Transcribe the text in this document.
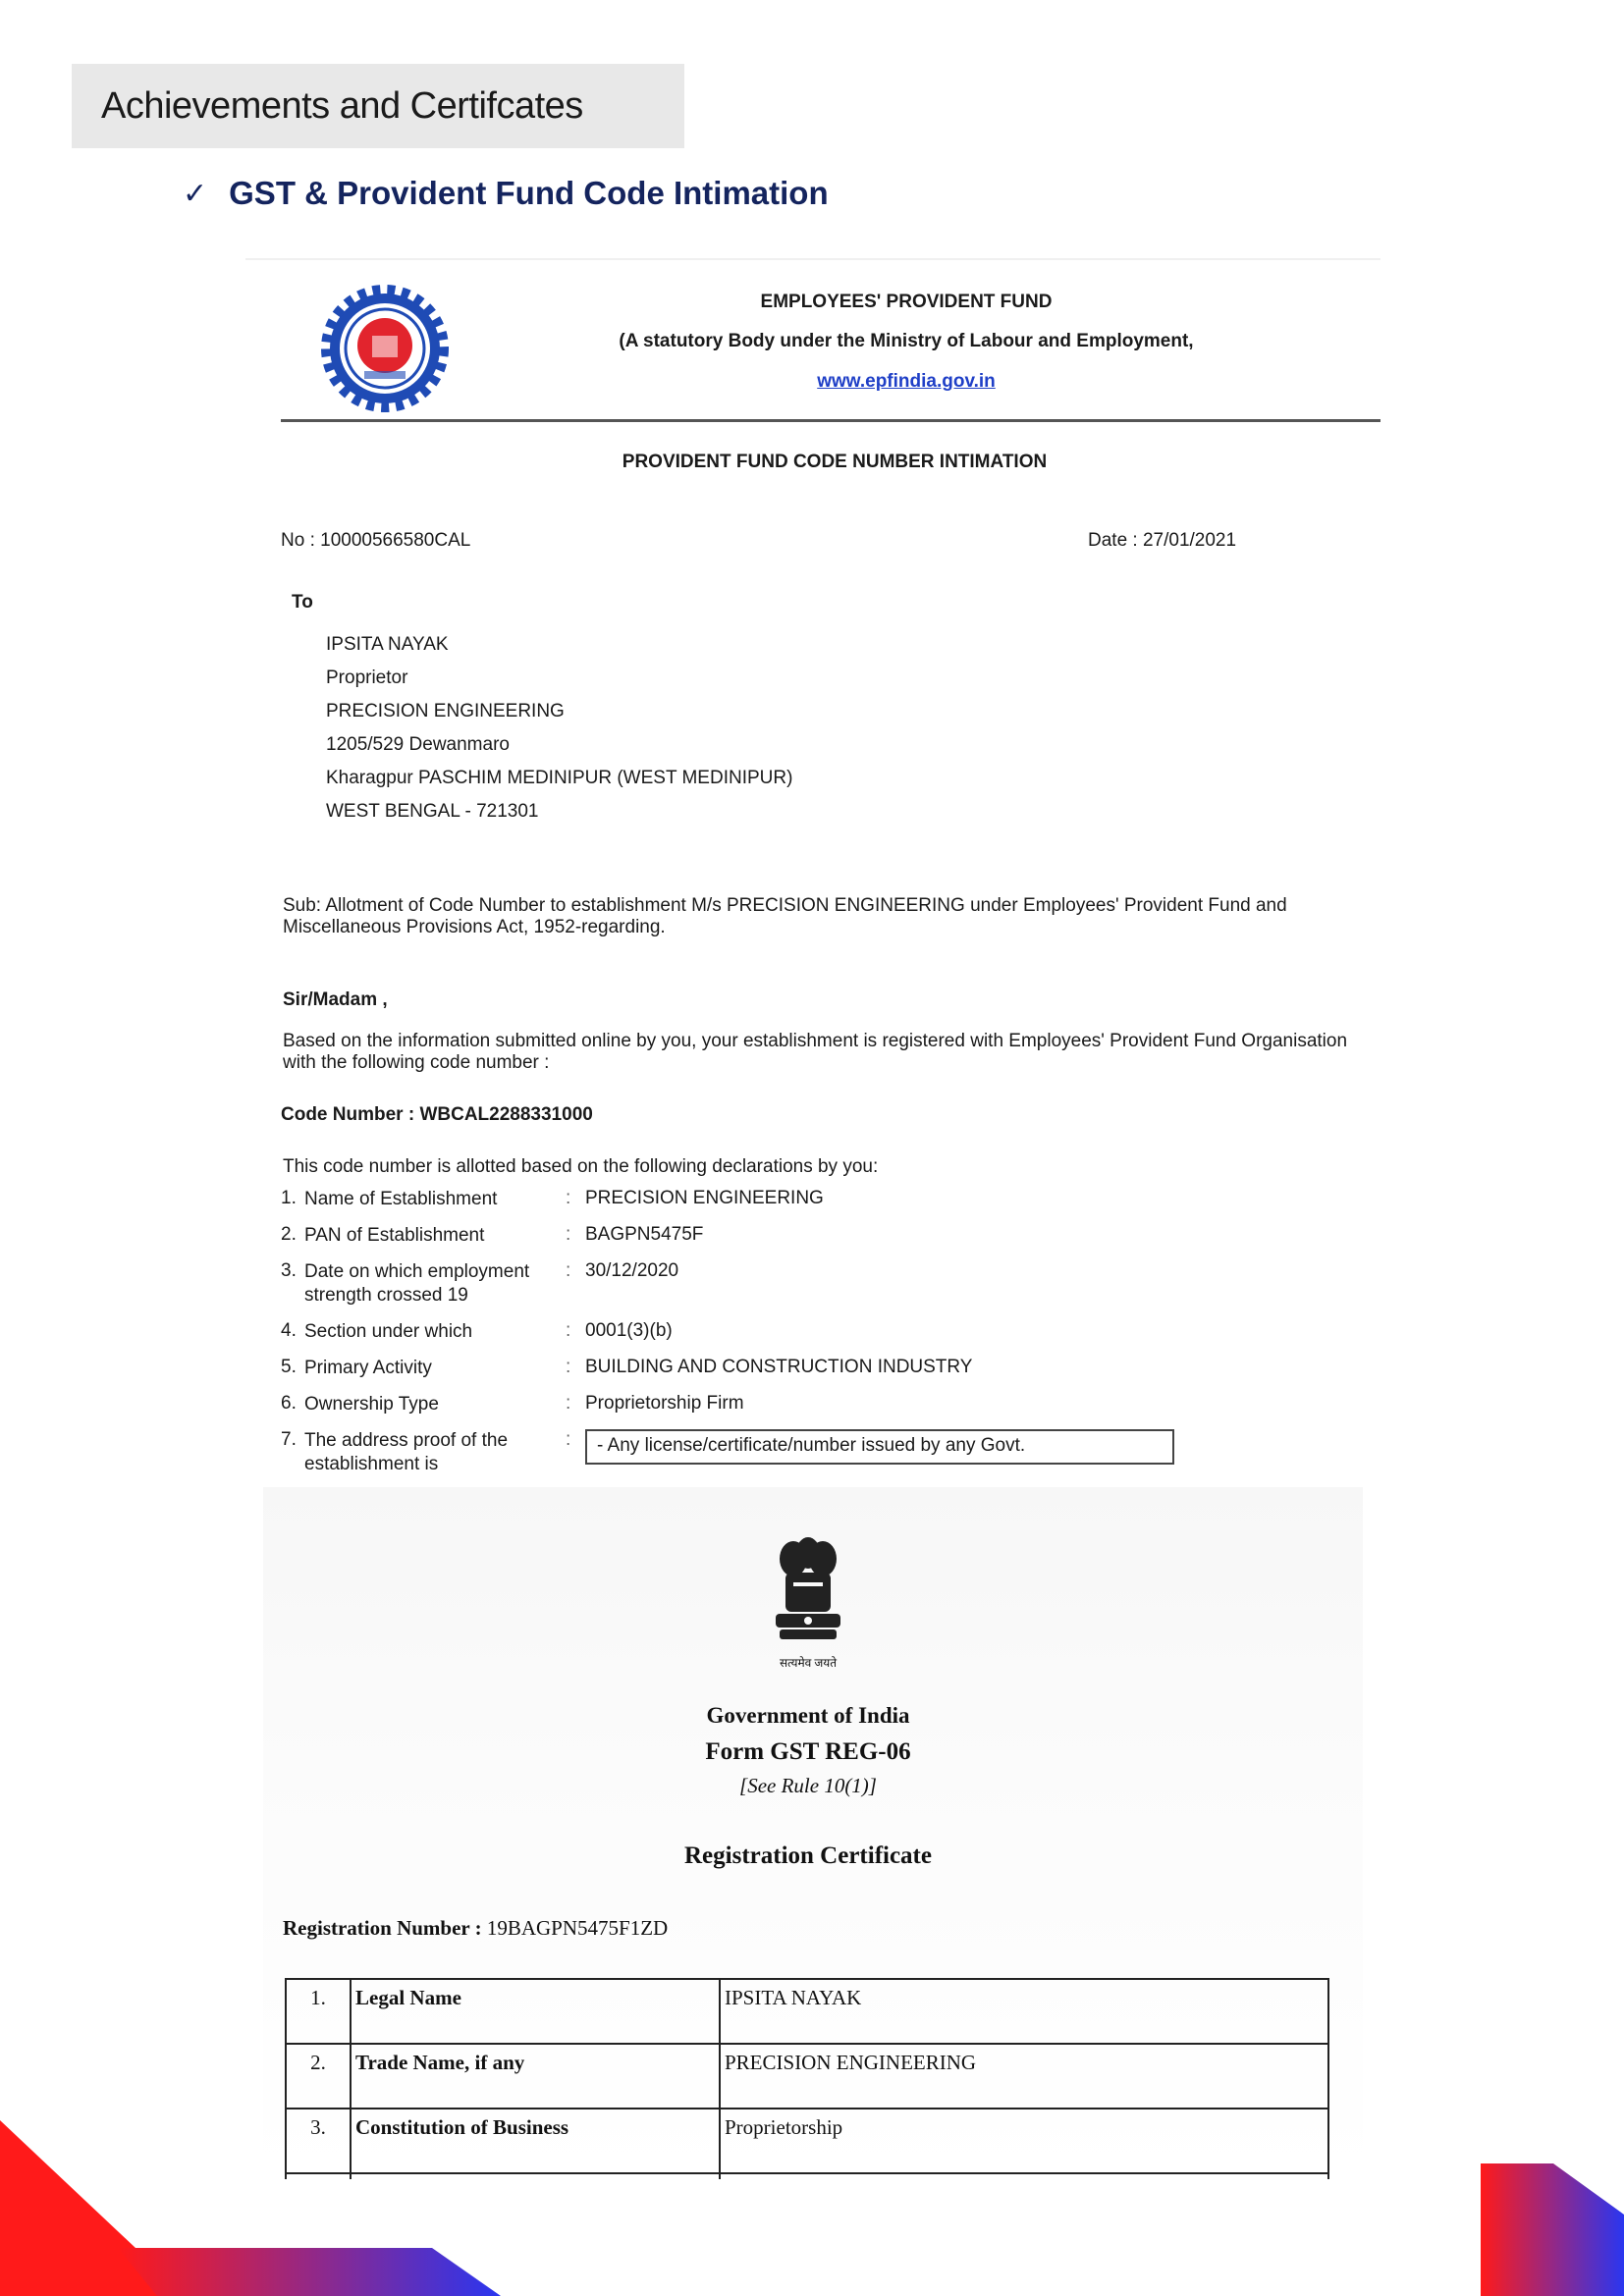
Achievements and Certifcates
✓ GST & Provident Fund Code Intimation
EMPLOYEES' PROVIDENT FUND
(A statutory Body under the Ministry of Labour and Employment,
www.epfindia.gov.in
PROVIDENT FUND CODE NUMBER INTIMATION
No : 10000566580CAL	Date : 27/01/2021
To
IPSITA NAYAK
Proprietor
PRECISION ENGINEERING
1205/529 Dewanmaro
Kharagpur PASCHIM MEDINIPUR (WEST MEDINIPUR)
WEST BENGAL - 721301
Sub: Allotment of Code Number to establishment M/s PRECISION ENGINEERING under Employees' Provident Fund and Miscellaneous Provisions Act, 1952-regarding.
Sir/Madam ,
Based on the information submitted online by you, your establishment is registered with Employees' Provident Fund Organisation with the following code number :
Code Number : WBCAL2288331000
This code number is allotted based on the following declarations by you:
1. Name of Establishment	: PRECISION ENGINEERING
2. PAN of Establishment	: BAGPN5475F
3. Date on which employment strength crossed 19
: 30/12/2020
4. Section under which	: 0001(3)(b)
5. Primary Activity	: BUILDING AND CONSTRUCTION INDUSTRY
6. Ownership Type	: Proprietorship Firm
7. The address proof of the establishment is
:	- Any license/certificate/number issued by any Govt.
सत्यमेव जयते
Government of India
Form GST REG-06
[See Rule 10(1)]
Registration Certificate
Registration Number : 19BAGPN5475F1ZD
1.	Legal Name	IPSITA NAYAK
2.	Trade Name, if any	PRECISION ENGINEERING
3.	Constitution of Business	Proprietorship
